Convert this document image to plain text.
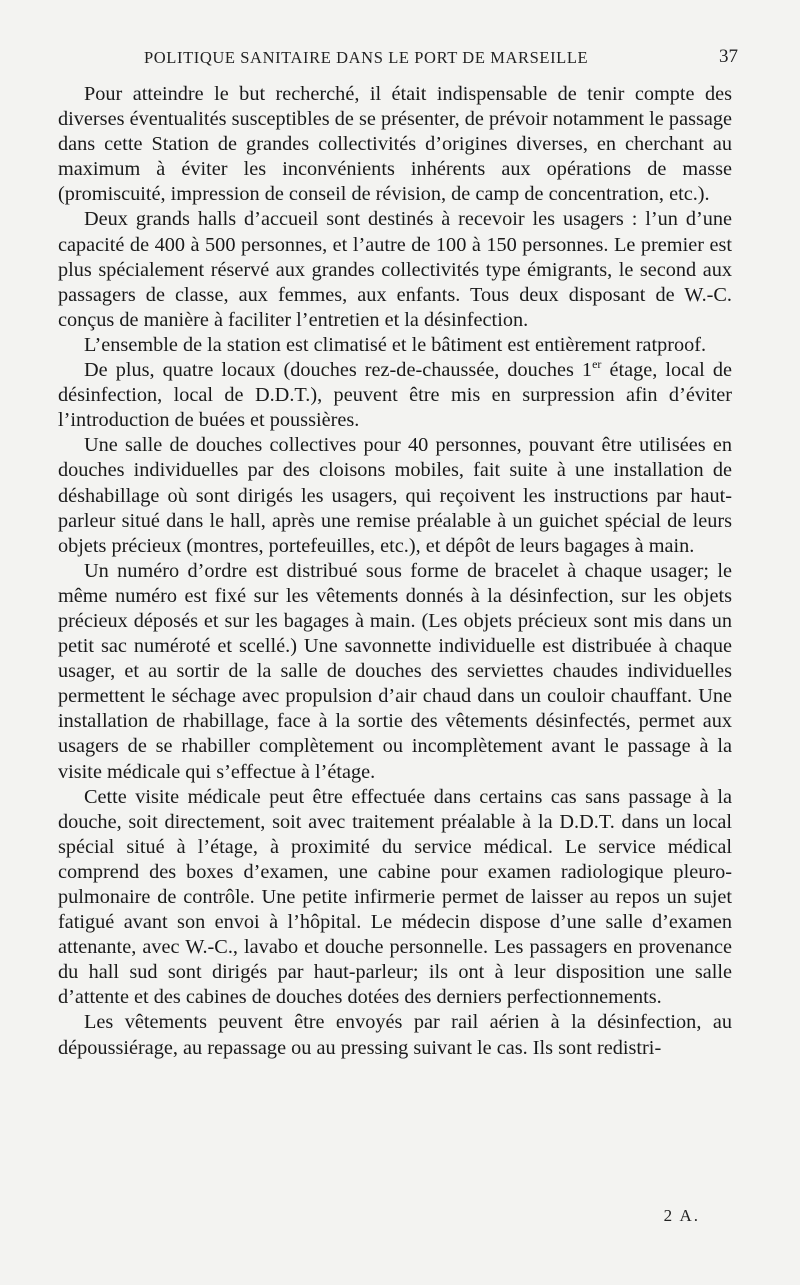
POLITIQUE SANITAIRE DANS LE PORT DE MARSEILLE	37

Pour atteindre le but recherché, il était indispensable de tenir compte des diverses éventualités susceptibles de se présenter, de prévoir notamment le passage dans cette Station de grandes collectivités d’origines diverses, en cherchant au maximum à éviter les inconvénients inhérents aux opérations de masse (promiscuité, impression de conseil de révision, de camp de concentration, etc.).

Deux grands halls d’accueil sont destinés à recevoir les usagers : l’un d’une capacité de 400 à 500 personnes, et l’autre de 100 à 150 personnes. Le premier est plus spécialement réservé aux grandes collectivités type émigrants, le second aux passagers de classe, aux femmes, aux enfants. Tous deux disposant de W.-C. conçus de manière à faciliter l’entretien et la désinfection.

L’ensemble de la station est climatisé et le bâtiment est entièrement ratproof.

De plus, quatre locaux (douches rez-de-chaussée, douches 1er étage, local de désinfection, local de D.D.T.), peuvent être mis en surpression afin d’éviter l’introduction de buées et poussières.

Une salle de douches collectives pour 40 personnes, pouvant être utilisées en douches individuelles par des cloisons mobiles, fait suite à une installation de déshabillage où sont dirigés les usagers, qui reçoivent les instructions par haut-parleur situé dans le hall, après une remise préalable à un guichet spécial de leurs objets précieux (montres, portefeuilles, etc.), et dépôt de leurs bagages à main.

Un numéro d’ordre est distribué sous forme de bracelet à chaque usager; le même numéro est fixé sur les vêtements donnés à la désinfection, sur les objets précieux déposés et sur les bagages à main. (Les objets précieux sont mis dans un petit sac numéroté et scellé.) Une savonnette individuelle est distribuée à chaque usager, et au sortir de la salle de douches des serviettes chaudes individuelles permettent le séchage avec propulsion d’air chaud dans un couloir chauffant. Une installation de rhabillage, face à la sortie des vêtements désinfectés, permet aux usagers de se rhabiller complètement ou incomplètement avant le passage à la visite médicale qui s’effectue à l’étage.

Cette visite médicale peut être effectuée dans certains cas sans passage à la douche, soit directement, soit avec traitement préalable à la D.D.T. dans un local spécial situé à l’étage, à proximité du service médical. Le service médical comprend des boxes d’examen, une cabine pour examen radiologique pleuro-pulmonaire de contrôle. Une petite infirmerie permet de laisser au repos un sujet fatigué avant son envoi à l’hôpital. Le médecin dispose d’une salle d’examen attenante, avec W.-C., lavabo et douche personnelle. Les passagers en provenance du hall sud sont dirigés par haut-parleur; ils ont à leur disposition une salle d’attente et des cabines de douches dotées des derniers perfectionnements.

Les vêtements peuvent être envoyés par rail aérien à la désinfection, au dépoussiérage, au repassage ou au pressing suivant le cas. Ils sont redistri-

2 A.
